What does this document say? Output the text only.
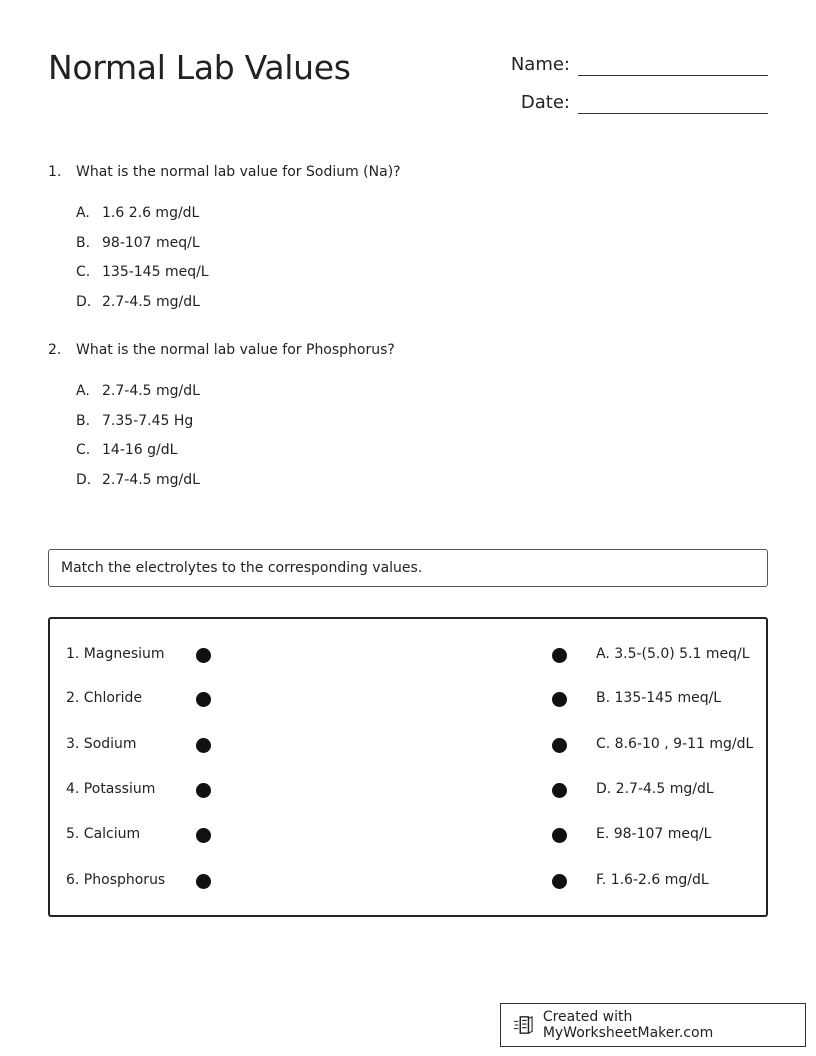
Normal Lab Values	Name:
Date:
1. What is the normal lab value for Sodium (Na)?
A. 1.6 2.6 mg/dL
B. 98-107 meq/L
C. 135-145 meq/L
D. 2.7-4.5 mg/dL
2. What is the normal lab value for Phosphorus?
A. 2.7-4.5 mg/dL
B. 7.35-7.45 Hg
C. 14-16 g/dL
D. 2.7-4.5 mg/dL
Match the electrolytes to the corresponding values.
1. Magnesium	A. 3.5-(5.0) 5.1 meq/L
2. Chloride	B. 135-145 meq/L
3. Sodium	C. 8.6-10 , 9-11 mg/dL
4. Potassium	D. 2.7-4.5 mg/dL
5. Calcium	E. 98-107 meq/L
6. Phosphorus	F. 1.6-2.6 mg/dL
Created with MyWorksheetMaker.com
